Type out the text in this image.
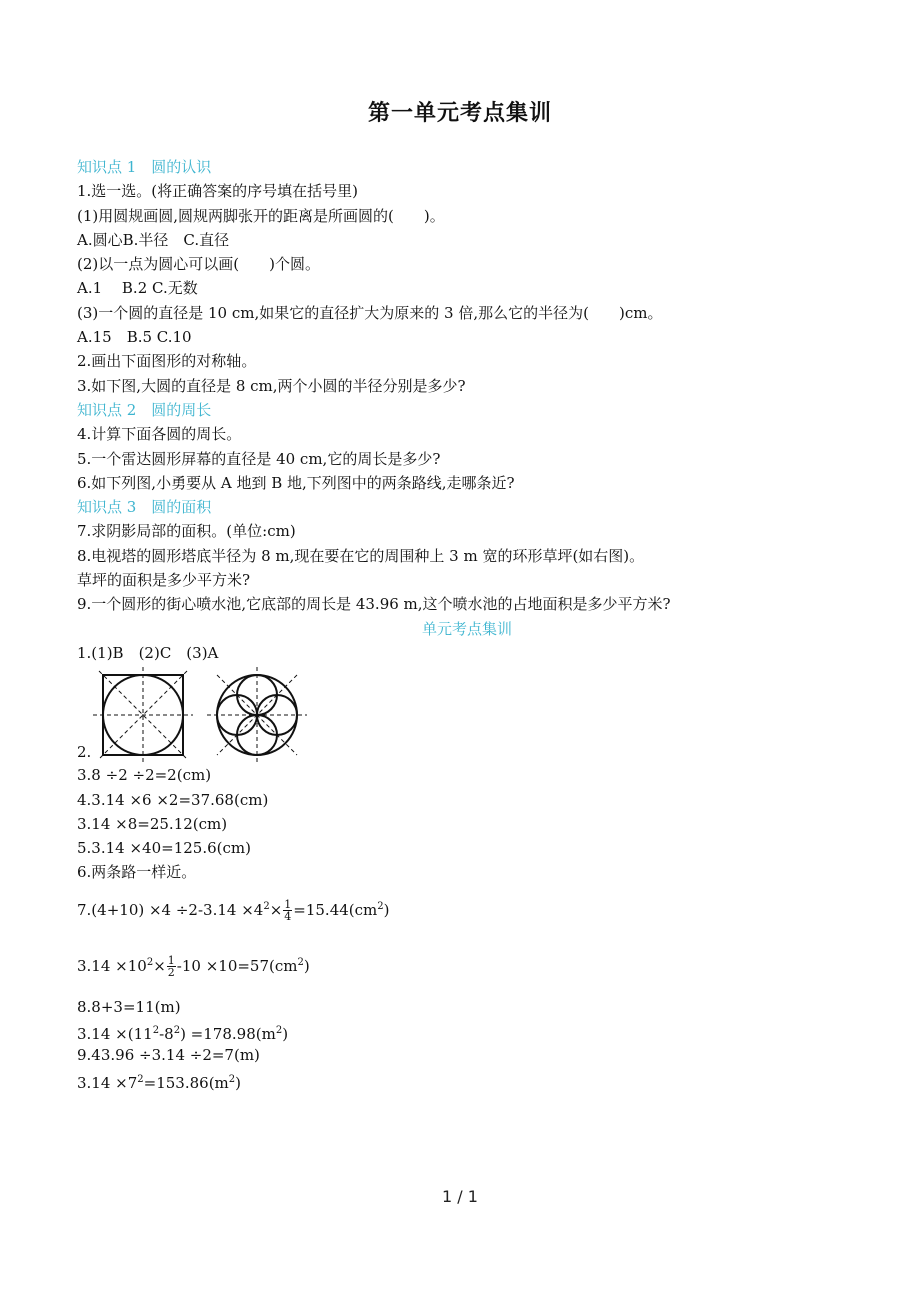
第一单元考点集训
知识点 1　圆的认识
1.选一选。(将正确答案的序号填在括号里)
(1)用圆规画圆,圆规两脚张开的距离是所画圆的(　　)。
A.圆心B.半径　C.直径
(2)以一点为圆心可以画(　　)个圆。
A.1　 B.2 C.无数
(3)一个圆的直径是 10 cm,如果它的直径扩大为原来的 3 倍,那么它的半径为(　　)cm。
A.15　B.5 C.10
2.画出下面图形的对称轴。
3.如下图,大圆的直径是 8 cm,两个小圆的半径分别是多少?
知识点 2　圆的周长
4.计算下面各圆的周长。
5.一个雷达圆形屏幕的直径是 40 cm,它的周长是多少?
6.如下列图,小勇要从 A 地到 B 地,下列图中的两条路线,走哪条近?
知识点 3　圆的面积
7.求阴影局部的面积。(单位:cm)
8.电视塔的圆形塔底半径为 8 m,现在要在它的周围种上 3 m 宽的环形草坪(如右图)。
草坪的面积是多少平方米?
9.一个圆形的街心喷水池,它底部的周长是 43.96 m,这个喷水池的占地面积是多少平方米?
单元考点集训
1.(1)B　(2)C　(3)A
2.
3.8 ÷2 ÷2=2(cm)
4.3.14 ×6 ×2=37.68(cm)
3.14 ×8=25.12(cm)
5.3.14 ×40=125.6(cm)
6.两条路一样近。
$7.(4+10) \times 4 \div 2-3.14 \times 4^2\times \frac{1}{4} =15.44(cm^2)$
$3.14 \times 10^2\times \frac{1}{2} -10 \times 10=57(cm^2)$
8.8+3=11(m)
$3.14 \times(11^2-8^2) =178.98(m^2)$
9.43.96 ÷3.14 ÷2=7(m)
$3.14 \times 7^2=153.86(m^2)$
1 / 1
